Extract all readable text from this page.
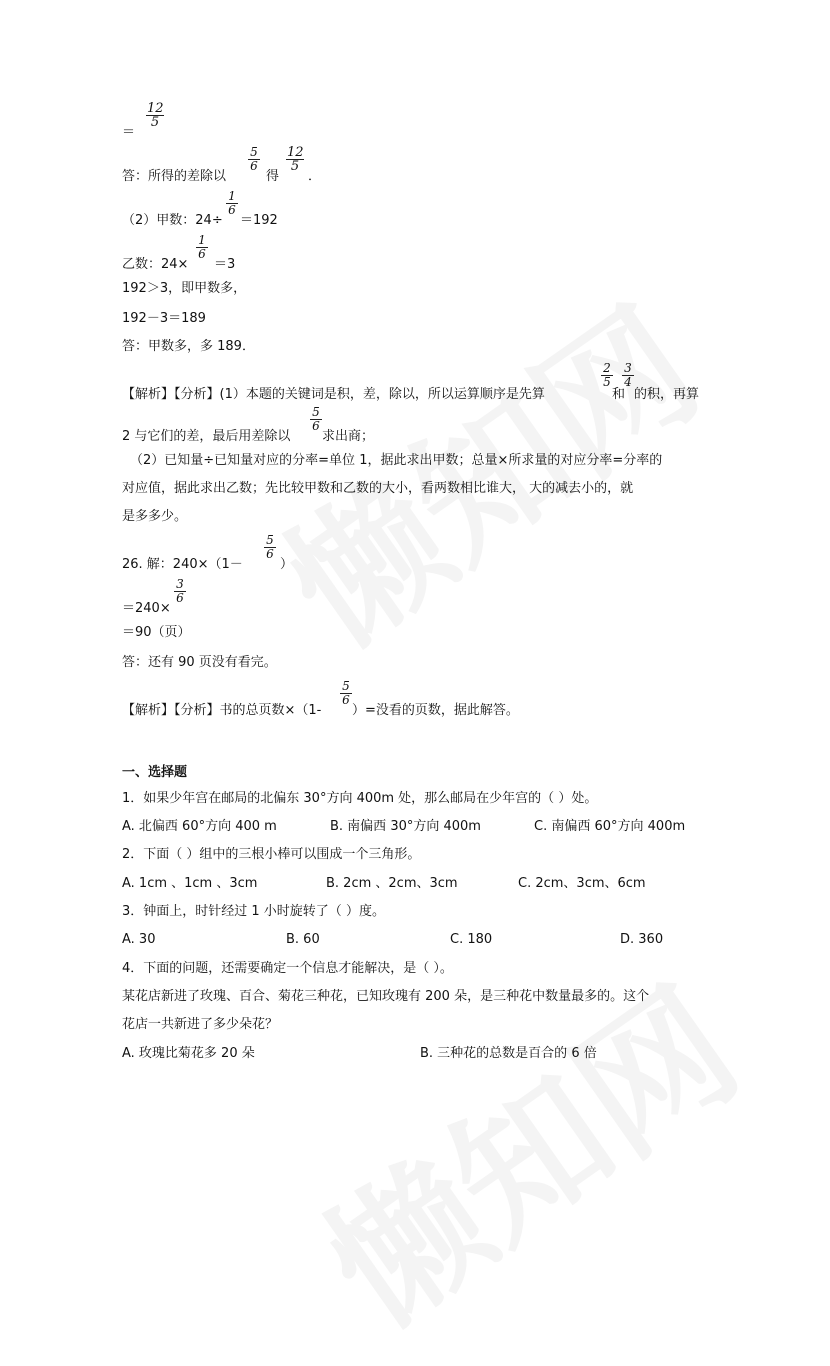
＝
$\frac{12}{5}$
答：所得的差除以
$\frac{5}{6}$
得
$\frac{12}{5}$
．
（2）甲数：24÷
$\frac{1}{6}$
＝192
乙数：24×
$\frac{1}{6}$
＝3
192＞3，即甲数多，
192－3＝189
答：甲数多，多 189．
【解析】【分析】(1）本题的关键词是积，差，除以，所以运算顺序是先算
$\frac{2}{5}$
和
$\frac{3}{4}$
的积，再算
2 与它们的差，最后用差除以
$\frac{5}{6}$
求出商；
（2）已知量÷已知量对应的分率=单位 1，据此求出甲数；总量×所求量的对应分率=分率的
对应值，据此求出乙数；先比较甲数和乙数的大小，看两数相比谁大， 大的减去小的，就
是多多少。
26. 解：240×（1－
$\frac{5}{6}$
）
＝240×
$\frac{3}{6}$
＝90（页）
答：还有 90 页没有看完。
【解析】【分析】书的总页数×（1-
$\frac{5}{6}$
）=没看的页数，据此解答。
一、选择题
1．如果少年宫在邮局的北偏东 30°方向 400m 处，那么邮局在少年宫的（ ）处。
A. 北偏西 60°方向 400 m	B. 南偏西 30°方向 400m	C. 南偏西 60°方向 400m
2．下面（ ）组中的三根小棒可以围成一个三角形。
A. 1cm 、1cm 、3cm	B. 2cm 、2cm、3cm	C. 2cm、3cm、6cm
3．钟面上，时针经过 1 小时旋转了（ ）度。
A. 30	B. 60	C. 180	D. 360
4．下面的问题，还需要确定一个信息才能解决，是（ ）。
某花店新进了玫瑰、百合、菊花三种花，已知玫瑰有 200 朵，是三种花中数量最多的。这个
花店一共新进了多少朵花？
A. 玫瑰比菊花多 20 朵	B. 三种花的总数是百合的 6 倍
